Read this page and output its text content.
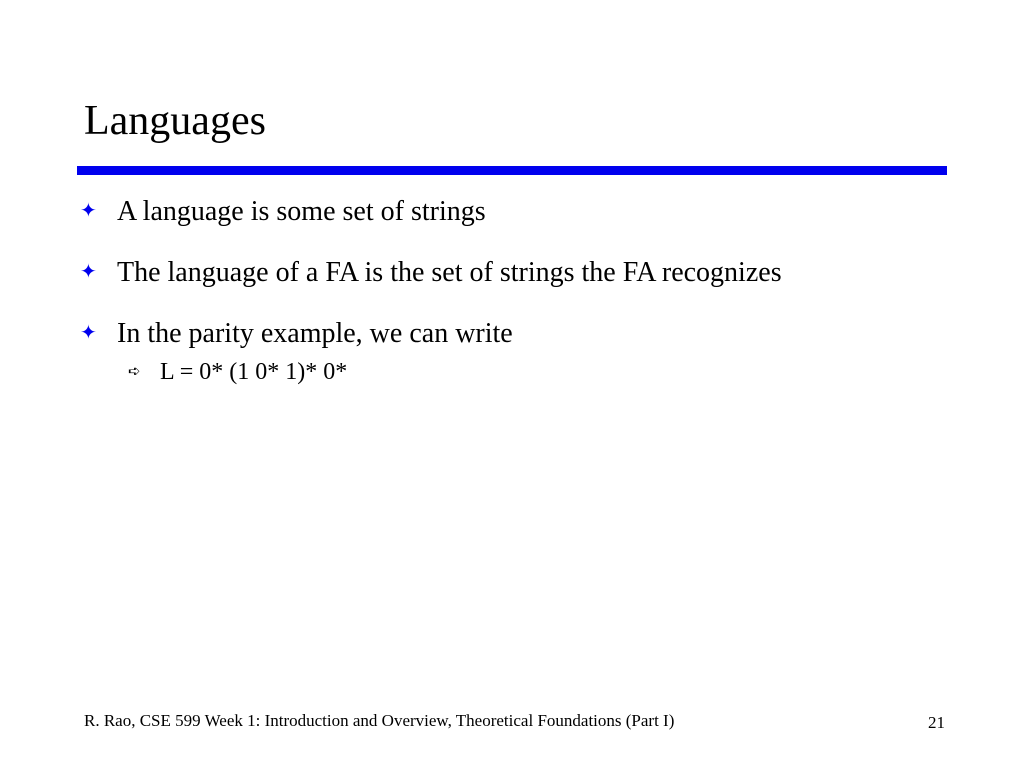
Languages
✦ A language is some set of strings
✦ The language of a FA is the set of strings the FA recognizes
✦ In the parity example, we can write
➪ L = 0* (1 0* 1)* 0*
R. Rao, CSE 599 Week 1: Introduction and Overview, Theoretical Foundations (Part I)	21
